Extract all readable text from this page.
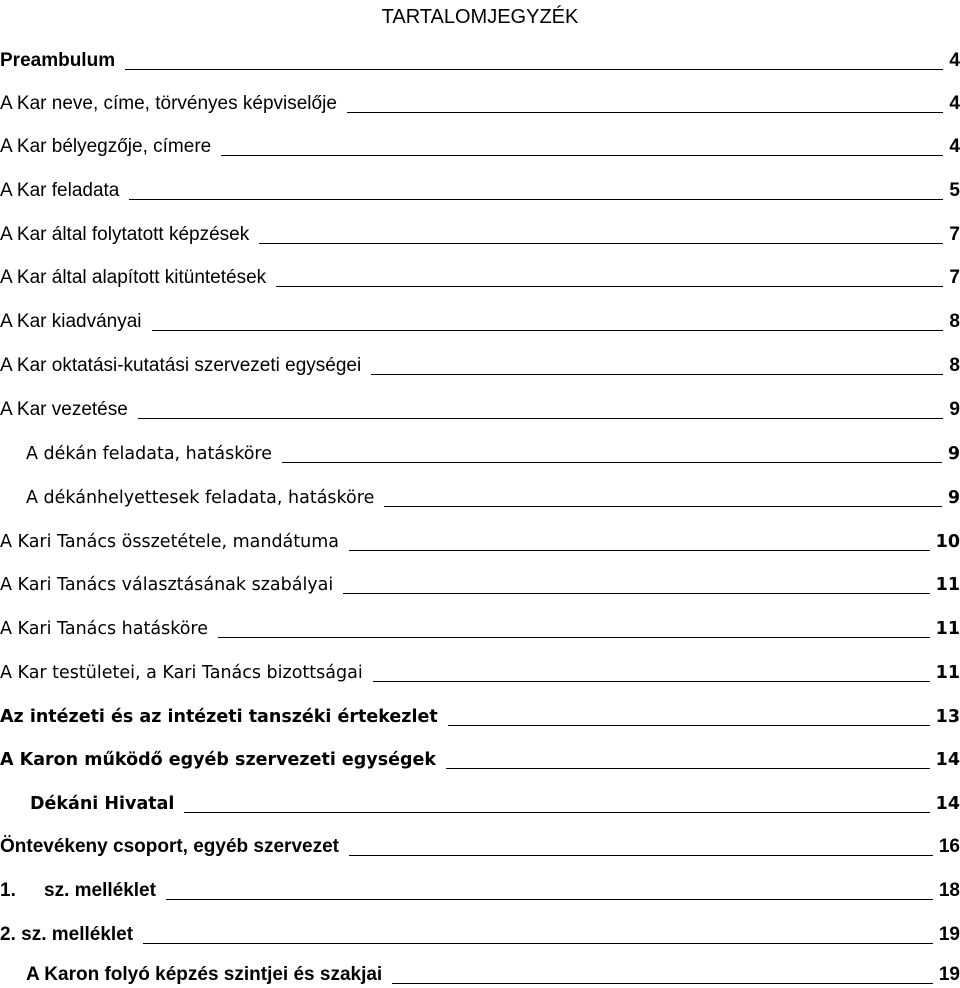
TARTALOMJEGYZÉK
Preambulum	4
A Kar neve, címe, törvényes képviselője	4
A Kar bélyegzője, címere	4
A Kar feladata	5
A Kar által folytatott képzések	7
A Kar által alapított kitüntetések	7
A Kar kiadványai	8
A Kar oktatási-kutatási szervezeti egységei	8
A Kar vezetése	9
A dékán feladata, hatásköre	9
A dékánhelyettesek feladata, hatásköre	9
A Kari Tanács összetétele, mandátuma	10
A Kari Tanács választásának szabályai	11
A Kari Tanács hatásköre	11
A Kar testületei, a Kari Tanács bizottságai	11
Az intézeti és az intézeti tanszéki értekezlet	13
A Karon működő egyéb szervezeti egységek	14
Dékáni Hivatal	14
Öntevékeny csoport, egyéb szervezet	16
1. sz. melléklet	18
2. sz. melléklet	19
A Karon folyó képzés szintjei és szakjai	19
